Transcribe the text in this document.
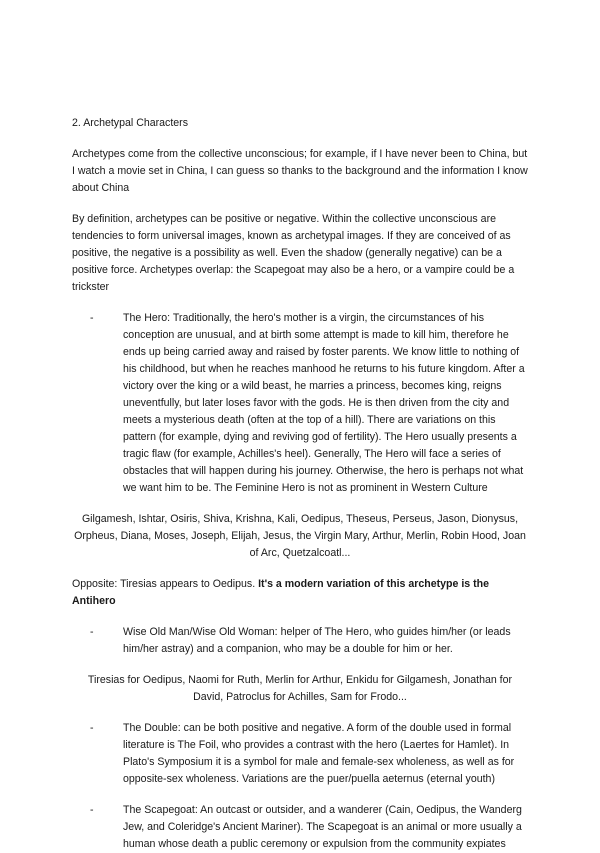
2. Archetypal Characters
Archetypes come from the collective unconscious; for example, if I have never been to China, but I watch a movie set in China, I can guess so thanks to the background and the information I know about China
By definition, archetypes can be positive or negative. Within the collective unconscious are tendencies to form universal images, known as archetypal images. If they are conceived of as positive, the negative is a possibility as well. Even the shadow (generally negative) can be a positive force. Archetypes overlap: the Scapegoat may also be a hero, or a vampire could be a trickster
-	The Hero: Traditionally, the hero's mother is a virgin, the circumstances of his conception are unusual, and at birth some attempt is made to kill him, therefore he ends up being carried away and raised by foster parents. We know little to nothing of his childhood, but when he reaches manhood he returns to his future kingdom. After a victory over the king or a wild beast, he marries a princess, becomes king, reigns uneventfully, but later loses favor with the gods. He is then driven from the city and meets a mysterious death (often at the top of a hill). There are variations on this pattern (for example, dying and reviving god of fertility). The Hero usually presents a tragic flaw (for example, Achilles's heel). Generally, The Hero will face a series of obstacles that will happen during his journey. Otherwise, the hero is perhaps not what we want him to be. The Feminine Hero is not as prominent in Western Culture
Gilgamesh, Ishtar, Osiris, Shiva, Krishna, Kali, Oedipus, Theseus, Perseus, Jason, Dionysus, Orpheus, Diana, Moses, Joseph, Elijah, Jesus, the Virgin Mary, Arthur, Merlin, Robin Hood, Joan of Arc, Quetzalcoatl...
Opposite: Tiresias appears to Oedipus. It's a modern variation of this archetype is the Antihero
-	Wise Old Man/Wise Old Woman: helper of The Hero, who guides him/her (or leads him/her astray) and a companion, who may be a double for him or her.
Tiresias for Oedipus, Naomi for Ruth, Merlin for Arthur, Enkidu for Gilgamesh, Jonathan for David, Patroclus for Achilles, Sam for Frodo...
-	The Double: can be both positive and negative. A form of the double used in formal literature is The Foil, who provides a contrast with the hero (Laertes for Hamlet). In Plato's Symposium it is a symbol for male and female-sex wholeness, as well as for opposite-sex wholeness. Variations are the puer/puella aeternus (eternal youth)
-	The Scapegoat: An outcast or outsider, and a wanderer (Cain, Oedipus, the Wanderg Jew, and Coleridge's Ancient Mariner). The Scapegoat is an animal or more usually a human whose death a public ceremony or expulsion from the community expiates
